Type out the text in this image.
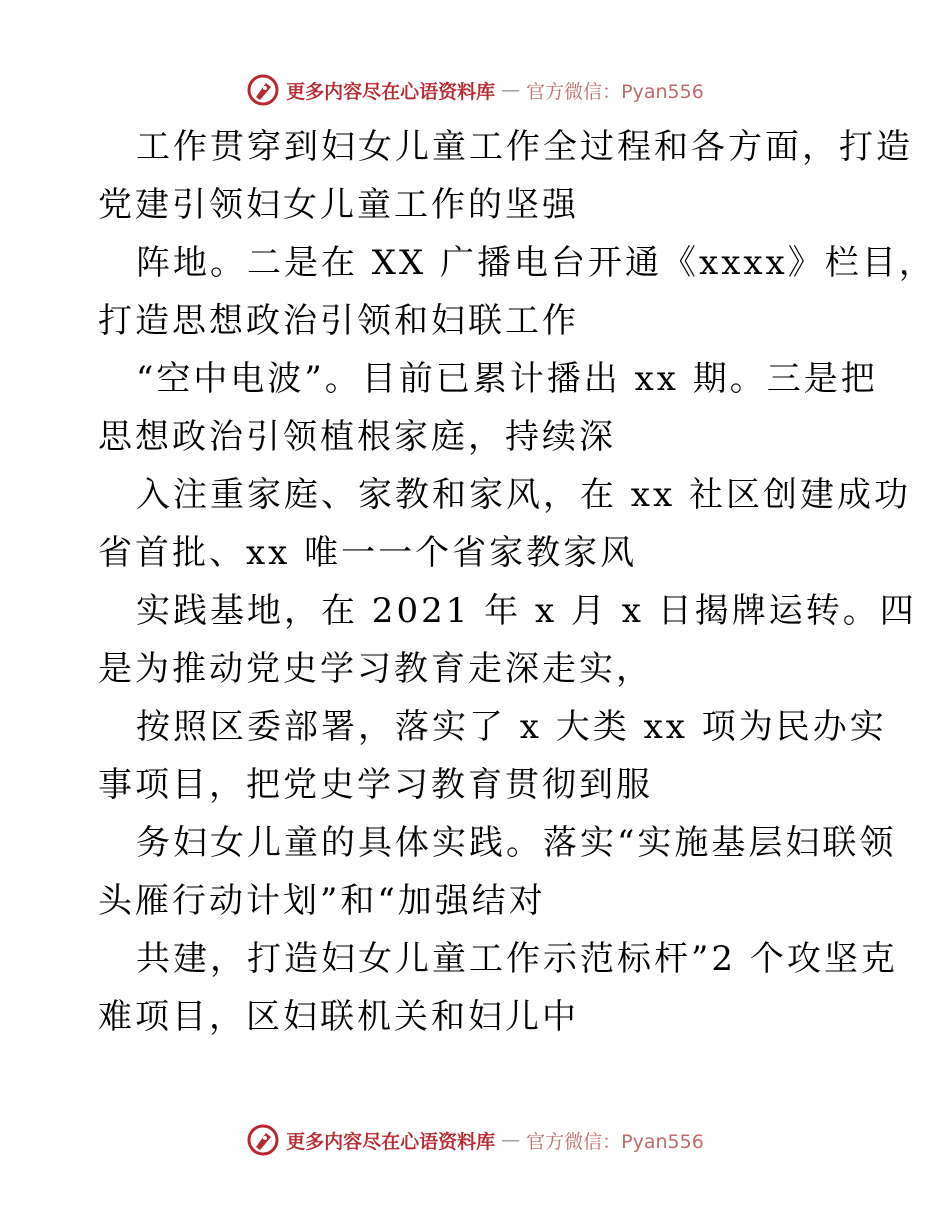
更多内容尽在心语资料库 — 官方微信：Pyan556

工作贯穿到妇女儿童工作全过程和各方面，打造

党建引领妇女儿童工作的坚强

阵地。二是在 XX 广播电台开通《xxxx》栏目，

打造思想政治引领和妇联工作

“空中电波”。目前已累计播出 xx 期。三是把

思想政治引领植根家庭，持续深

入注重家庭、家教和家风，在 xx 社区创建成功

省首批、xx 唯一一个省家教家风

实践基地，在 2021 年 x 月 x 日揭牌运转。四

是为推动党史学习教育走深走实，

按照区委部署，落实了 x 大类 xx 项为民办实

事项目，把党史学习教育贯彻到服

务妇女儿童的具体实践。落实“实施基层妇联领

头雁行动计划”和“加强结对

共建，打造妇女儿童工作示范标杆”2 个攻坚克

难项目，区妇联机关和妇儿中

更多内容尽在心语资料库 — 官方微信：Pyan556
